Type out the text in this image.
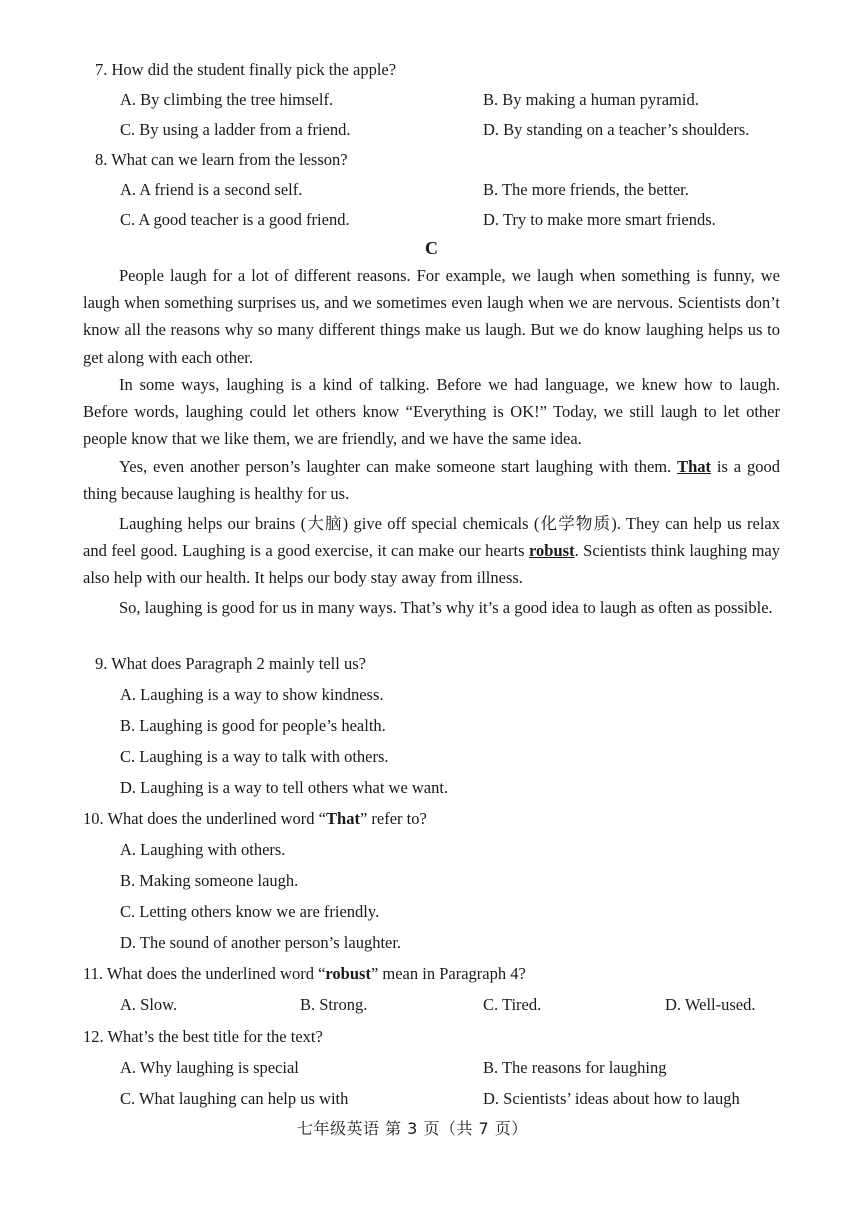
7. How did the student finally pick the apple?
A. By climbing the tree himself.	B. By making a human pyramid.
C. By using a ladder from a friend.	D. By standing on a teacher’s shoulders.
8. What can we learn from the lesson?
A. A friend is a second self.	B. The more friends, the better.
C. A good teacher is a good friend.	D. Try to make more smart friends.
C
People laugh for a lot of different reasons. For example, we laugh when something is funny, we laugh when something surprises us, and we sometimes even laugh when we are nervous. Scientists don’t know all the reasons why so many different things make us laugh. But we do know laughing helps us to get along with each other.
In some ways, laughing is a kind of talking. Before we had language, we knew how to laugh. Before words, laughing could let others know “Everything is OK!” Today, we still laugh to let other people know that we like them, we are friendly, and we have the same idea.
Yes, even another person’s laughter can make someone start laughing with them. That is a good thing because laughing is healthy for us.
Laughing helps our brains (大脑) give off special chemicals (化学物质). They can help us relax and feel good. Laughing is a good exercise, it can make our hearts robust. Scientists think laughing may also help with our health. It helps our body stay away from illness.
So, laughing is good for us in many ways. That’s why it’s a good idea to laugh as often as possible.
9. What does Paragraph 2 mainly tell us?
A. Laughing is a way to show kindness.
B. Laughing is good for people’s health.
C. Laughing is a way to talk with others.
D. Laughing is a way to tell others what we want.
10. What does the underlined word “That” refer to?
A. Laughing with others.
B. Making someone laugh.
C. Letting others know we are friendly.
D. The sound of another person’s laughter.
11. What does the underlined word “robust” mean in Paragraph 4?
A. Slow.	B. Strong.	C. Tired.	D. Well-used.
12. What’s the best title for the text?
A. Why laughing is special	B. The reasons for laughing
C. What laughing can help us with	D. Scientists’ ideas about how to laugh
七年级英语 第 3 页（共 7 页）
